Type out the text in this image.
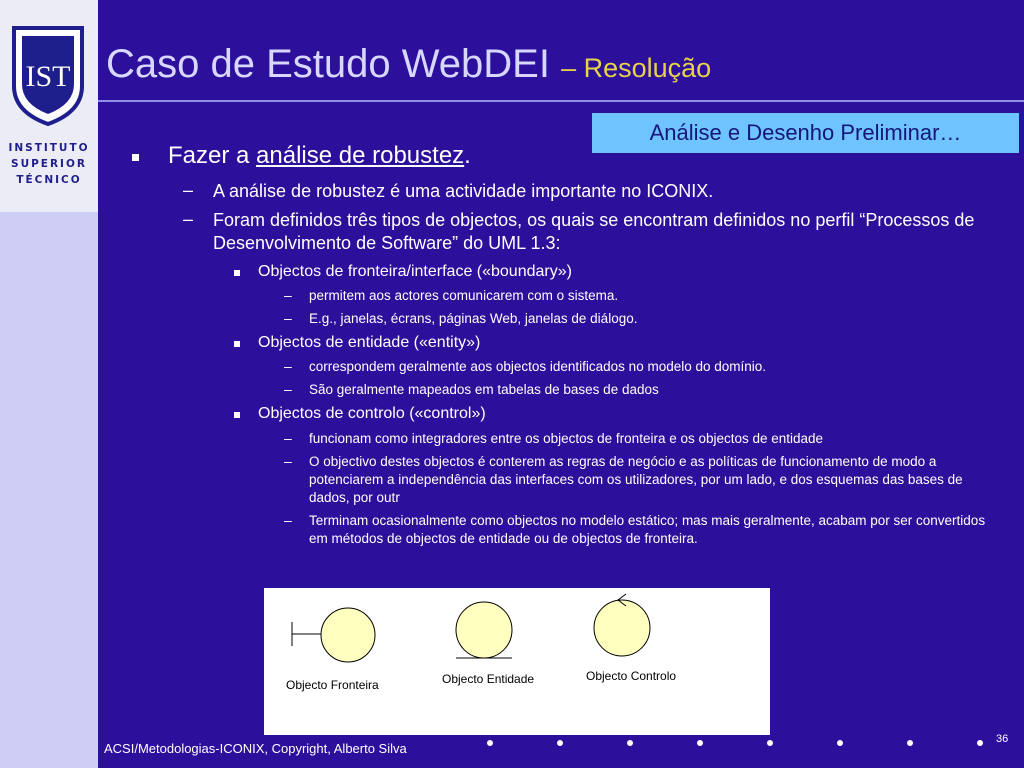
IST
INSTITUTO
SUPERIOR
TÉCNICO
Caso de Estudo WebDEI – Resolução
Análise e Desenho Preliminar…
Fazer a análise de robustez.
– A análise de robustez é uma actividade importante no ICONIX.
– Foram definidos três tipos de objectos, os quais se encontram definidos no perfil “Processos de Desenvolvimento de Software” do UML 1.3:
Objectos de fronteira/interface («boundary»)
– permitem aos actores comunicarem com o sistema.
– E.g., janelas, écrans, páginas Web, janelas de diálogo.
Objectos de entidade («entity»)
– correspondem geralmente aos objectos identificados no modelo do domínio.
– São geralmente mapeados em tabelas de bases de dados
Objectos de controlo («control»)
– funcionam como integradores entre os objectos de fronteira e os objectos de entidade
– O objectivo destes objectos é conterem as regras de negócio e as políticas de funcionamento de modo a potenciarem a independência das interfaces com os utilizadores, por um lado, e dos esquemas das bases de dados, por outr
– Terminam ocasionalmente como objectos no modelo estático; mas mais geralmente, acabam por ser convertidos em métodos de objectos de entidade ou de objectos de fronteira.
Objecto Fronteira	Objecto Entidade	Objecto Controlo
ACSI/Metodologias-ICONIX, Copyright, Alberto Silva
36
